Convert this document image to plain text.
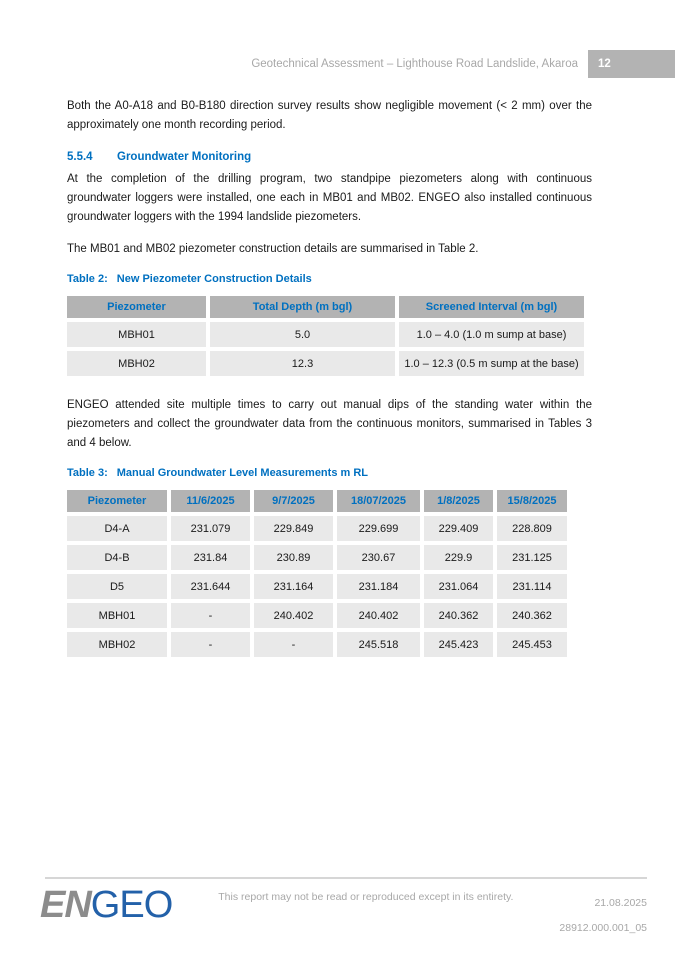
Geotechnical Assessment – Lighthouse Road Landslide, Akaroa 12

Both the A0-A18 and B0-B180 direction survey results show negligible movement (< 2 mm) over the approximately one month recording period.

5.5.4	Groundwater Monitoring

At the completion of the drilling program, two standpipe piezometers along with continuous groundwater loggers were installed, one each in MB01 and MB02. ENGEO also installed continuous groundwater loggers with the 1994 landslide piezometers.

The MB01 and MB02 piezometer construction details are summarised in Table 2.

Table 2: New Piezometer Construction Details
Piezometer	Total Depth (m bgl)	Screened Interval (m bgl)
MBH01	5.0	1.0 – 4.0 (1.0 m sump at base)
MBH02	12.3	1.0 – 12.3 (0.5 m sump at the base)

ENGEO attended site multiple times to carry out manual dips of the standing water within the piezometers and collect the groundwater data from the continuous monitors, summarised in Tables 3 and 4 below.

Table 3: Manual Groundwater Level Measurements m RL
Piezometer	11/6/2025	9/7/2025	18/07/2025	1/8/2025	15/8/2025
D4-A	231.079	229.849	229.699	229.409	228.809
D4-B	231.84	230.89	230.67	229.9	231.125
D5	231.644	231.164	231.184	231.064	231.114
MBH01	-	240.402	240.402	240.362	240.362
MBH02	-	-	245.518	245.423	245.453
ENGEO	This report may not be read or reproduced except in its entirety.	21.08.2025
28912.000.001_05
